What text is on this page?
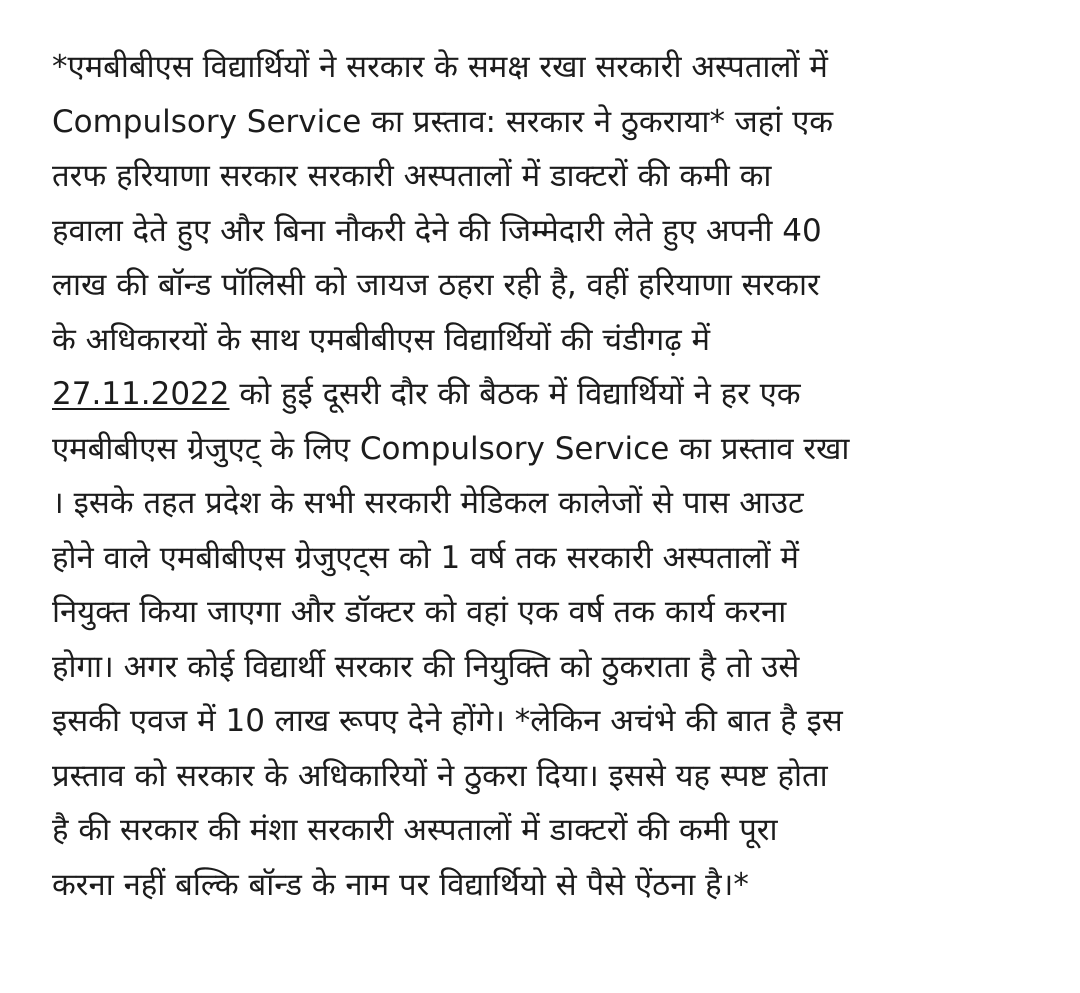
*एमबीबीएस विद्यार्थियों ने सरकार के समक्ष रखा सरकारी अस्पतालों में
Compulsory Service का प्रस्ताव: सरकार ने ठुकराया* जहां एक
तरफ हरियाणा सरकार सरकारी अस्पतालों में डाक्टरों की कमी का
हवाला देते हुए और बिना नौकरी देने की जिम्मेदारी लेते हुए अपनी 40
लाख की बॉन्ड पॉलिसी को जायज ठहरा रही है, वहीं हरियाणा सरकार
के अधिकारयों के साथ एमबीबीएस विद्यार्थियों की चंडीगढ़ में
27.11.2022 को हुई दूसरी दौर की बैठक में विद्यार्थियों ने हर एक
एमबीबीएस ग्रेजुएट् के लिए Compulsory Service का प्रस्ताव रखा
। इसके तहत प्रदेश के सभी सरकारी मेडिकल कालेजों से पास आउट
होने वाले एमबीबीएस ग्रेजुएट्स को 1 वर्ष तक सरकारी अस्पतालों में
नियुक्त किया जाएगा और डॉक्टर को वहां एक वर्ष तक कार्य करना
होगा। अगर कोई विद्यार्थी सरकार की नियुक्ति को ठुकराता है तो उसे
इसकी एवज में 10 लाख रूपए देने होंगे। *लेकिन अचंभे की बात है इस
प्रस्ताव को सरकार के अधिकारियों ने ठुकरा दिया। इससे यह स्पष्ट होता
है की सरकार की मंशा सरकारी अस्पतालों में डाक्टरों की कमी पूरा
करना नहीं बल्कि बॉन्ड के नाम पर विद्यार्थियो से पैसे ऐंठना है।*
